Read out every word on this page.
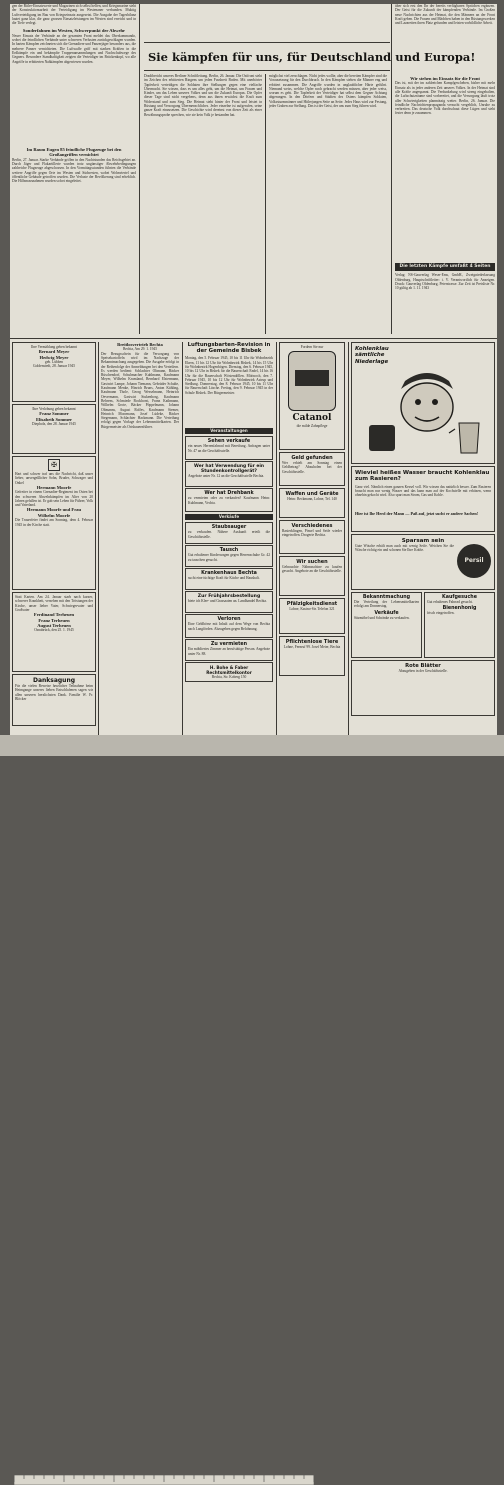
gen der Bitler-Einsatzwerte und Magazinen sich selbst helfen, und Kriegsmarine steht der Konstruktionsarbeit der Verteidigung im Westenaner verbunden. Muktig Luftverteidigung im Bau von Kriegseinsatz ausgesetzt. Die Ausgabe der Tagesbilanz lautet ganz klar, die ganz grossen Einsatzleistungen im Westen sind erreicht und in die Tiefe verlegt.

Sonderfahnen im Westen, Schwerpunkt der Abwehr

Neuer Einsatz der Verbände an der gesamten Front meldet das Oberkommando, wobei die feindlichen Verbände unter schweren Verlusten zurückgeschlagen wurden. In harten Kämpfen zeichneten sich die Grenadiere und Panzerjäger besonders aus, die mehrere Panzer vernichteten. Die Luftwaffe griff mit starken Kräften in die Erdkämpfe ein und bekämpfte Truppenansammlungen und Nachschubwege des Gegners. Besondere Standhaftigkeit zeigten die Verteidiger im Brückenkopf, wo alle Angriffe in erbitterten Nahkämpfen abgewiesen wurden.

Im Raum Eugen 85 feindliche Flugzeuge bei den Großangriffen vernichtet

Berlin, 27. Januar. Starke Verbände griffen in den Nachtstunden das Reichsgebiet an. Durch Jäger und Flakartillerie wurden trotz ungünstiger Abwehrbedingungen zahlreiche Flugzeuge abgeschossen. In den Vormittagsstunden führten die Verbände weitere Angriffe gegen Orte im Westen und Südwesten, wobei Wohnviertel und öffentliche Gebäude getroffen wurden. Die Verluste der Bevölkerung sind erheblich. Die Hilfsmassnahmen wurden sofort eingeleitet.

Sie kämpfen für uns, für Deutschland und Europa!

Dradtbericht unseres Berliner Schriftleitung. Berlin, 26. Januar. Die Ostfront steht im Zeichen des erbitterten Ringens um jeden Fussbreit Boden. Mit unerhörter Tapferkeit verteidigen die Soldaten ihre Stellungen gegen eine vielfache Übermacht. Sie wissen, dass es um alles geht, um die Heimat, um Frauen und Kinder, um das Leben unseres Volkes und um die Zukunft Europas. Die Opfer dieser Tage sind nicht vergebens, denn aus ihnen erwächst die Kraft zum Widerstand und zum Sieg. Die Heimat steht hinter der Front und leistet in Rüstung und Versorgung Übermenschliches. Jeder einzelne ist aufgerufen, seine ganze Kraft einzusetzen. Die Geschichte wird dereinst von dieser Zeit als einer Bewährungsprobe sprechen, wie sie kein Volk je bestanden hat.

möglichst viel zerschlagen. Nicht jedes wollte, aber die bereiten Kämpfer sind die Vorausetzung für den Durchbruch. In den Kämpfen stehen die Männer eng und erbittert zusammen. Die Angriffe wurden in unglaublicher Härte geführt. Niemand weiss, welche Opfer noch gebracht werden müssen, aber jeder weiss, worum es geht. Die Tapferkeit der Verteidiger hat selbst dem Gegner Achtung abgerungen. In den Dörfern und Städten des Ostens kämpfen Soldaten, Volkssturmmänner und Hitlerjungen Seite an Seite. Jedes Haus wird zur Festung, jeder Graben zur Stellung. Das ist der Geist, der uns zum Sieg führen wird.

über sich erst den Ihr der bereits verfügbaren Sprüchen ergänzen. Der Geist für die Zukunft der kämpfenden Verbände. Im Großen neue Nachrichten aus der Heimat, die den Männern an der Front Kraft geben. Die Frauen und Mädchen haben in den Rüstungswerken und Lazaretten ihren Platz gefunden und leisten vorbildliche Arbeit.

Wir stehen im Einsatz für die Front

Das ist, mit der im zahlreichen Kampfgeschehen, bisher mit mehr Einsatz als in jeder anderen Zeit unseres Volkes. In der Heimat sind alle Kräfte angespannt. Die Verdunkelung wird streng eingehalten, die Luftschutzräume sind vorbereitet, und die Versorgung läuft trotz aller Schwierigkeiten planmässig weiter. Berlin, 26. Januar. Die feindliche Nachrichtenpropaganda versucht vergeblich, Unruhe zu verbreiten. Das deutsche Volk durchschaut diese Lügen und steht fester denn je zusammen.

Die letzten Kämpfe umfaßt 4 Seiten

Verlag: NS-Gauverlag Weser-Ems, GmbH., Zweigniederlassung Oldenburg. Hauptschriftleiter: i. V. Verantwortlich für Anzeigen. Druck: Gauverlag Oldenburg, Peterstrasse. Zur Zeit ist Preisliste Nr. 10 gültig ab 1. 11. 1943

Ihre Vermählung geben bekannt

Bernard Meyer

Hedwig Meyer

geb. Lübben

Goldenstedt, 28. Januar 1945

Ihre Verlobung geben bekannt

Franz Sommer

Elisabeth Sommer

Diepholz, den 28. Januar 1945

✠

Hart und schwer traf uns die Nachricht, daß unser lieber, unvergeßlicher Sohn, Bruder, Schwager und Onkel

Hermann Moorfe

Gefreiter in einem Grenadier-Regiment im Osten bei den schweren Abwehrkämpfen im Alter von 20 Jahren gefallen ist. Er gab sein Leben für Führer, Volk und Vaterland.

Hermann Moorfe und Frau

Wilhelm Moorfe

Die Trauerfeier findet am Sonntag, dem 4. Februar 1945 in der Kirche statt.

Statt Karten. Am 24. Januar starb nach kurzer, schwerer Krankheit, versehen mit den Tröstungen der Kirche, unser lieber Vater, Schwiegervater und Großvater

Ferdinand Terheuen

Franz Terheuen

August Terheuen

Osnabrück, den 25. 1. 1945

Danksagung

Für die vielen Beweise herzlicher Teilnahme beim Heimgange unseres lieben Entschlafenen sagen wir allen unseren herzlichsten Dank. Familie W. Fr. Blöcker

Breitlosvertrieb Bechta

Bechta, Am 29. 1. 1945

Der Bezugsschein für die Versorgung von Speisekartoffeln wird im Nachzuge der Bekanntmachung ausgegeben. Die Ausgabe erfolgt in der Reihenfolge der Anmeldungen bei den Verteilern. Es werden bedient: Schlachter Oltmann, Bäcker Rüschendorf, Schuhmacher Kuhlmann, Kaufmann Meyer, Wilhelm Krumland, Bernhard Elstermann, Gastwirt Lampe, Johann Tiemann, Gebrüder Schulte, Kaufmann Menke, Hinrich Bruns, Anton Kühling, Kaufmann Thole, Georg Wesselmann, Heinrich Oevermann, Gastwirt Stukenborg, Kaufmann Behrens, Schmiede Bockhorst, Franz Kathmann, Wilhelm Grote, Bäcker Pöppelmann, Johann Oltmanns, August Rolfes, Kaufmann Siemer, Heinrich Moormann, Josef Lüdeke, Bäcker Stegemann, Schlachter Hackmann. Die Verteilung erfolgt gegen Vorlage der Lebensmittelkarten. Der Bürgermeister als Ortsbauernführer.

Luftungsbarten-Revision in der Gemeinde Bisbek

Montag, den 5. Februar 1945, 10 bis 11 Uhr für Wohnbezirk Ekern, 11 bis 12 Uhr für Wohnbezirk Bisbek, 14 bis 15 Uhr für Wohnbezirk Hogenbögen. Dienstag, den 6. Februar 1945, 10 bis 12 Uhr in Bisbek für die Bauerschaft Endel, 14 bis 16 Uhr für die Bauerschaft Wöstendöllen. Mittwoch, den 7. Februar 1945, 10 bis 12 Uhr für Wohnbezirk Astrup und Siedlung. Donnerstag, den 8. Februar 1945, 10 bis 11 Uhr für Bauerschaft Lüsche. Freitag, den 9. Februar 1945 in der Schule Bisbek. Der Bürgermeister.

Veranstaltungen

Sehen verkaufe

ein neues Herrenfahrrad mit Bereifung. Anfragen unter Nr. 47 an die Geschäftsstelle.

Wer hat Verwendung für ein Stundenkontrollgerät?

Angebote unter Nr. 12 an die Geschäftsstelle Bechta.

Wer hat Drehbank

zu vermieten oder zu verkaufen? Kaufmann Heinr. Kuhlmann, Vechta.

Verkäufe

Staubsauger

zu verkaufen. Nähere Auskunft erteilt die Geschäftsstelle.

Tausch

Gut erhaltener Kinderwagen gegen Herrenschuhe Gr. 42 zu tauschen gesucht.

Krankenhaus Bechta

sucht eine tüchtige Kraft für Küche und Haushalt.

Zur Frühjahrsbestellung

biete ich Klee- und Grassaaten an. Landhandel Bechta.

Verloren

Eine Geldbörse mit Inhalt auf dem Wege von Bechta nach Langförden. Abzugeben gegen Belohnung.

Zu vermieten

Ein möbliertes Zimmer an berufstätige Person. Angebote unter Nr. 88.

H. Bohe & Faber Rechtsmittelkontor

Bechta, Str. Koberg 150

Fordern Sie nur

Catanol

die milde Zahnpflege

Geld gefunden

Wer erhielt am Sonntag einen Geldbetrag? Abzuholen bei der Geschäftsstelle.

Waffen und Geräte

Heinr. Beckmann, Lohne, Tel. 140

Verschiedenes

Rasierklingen, Pinsel und Seife wieder eingetroffen. Drogerie Bechta.

Wir suchen

Gebrauchte Nähmaschine zu kaufen gesucht. Angebote an die Geschäftsstelle.

Pfälzigkeitsdienst

Lohne, Kasino-Str. Telefon 321

Pflichtenlose Tiere

Lohne, Fernruf 99. Josef Meier, Bechta

Kohlenklau sämtliche Niederlage

Wieviel heißes Wasser braucht Kohlenklau zum Rasieren?

Ganz viel. Nämlich einen ganzen Kessel voll. Wir wissen das natürlich besser. Zum Rasieren braucht man nur wenig Wasser und das kann man auf der Kochstelle mit erhitzen, wenn ohnehin gekocht wird. Also spart man Strom, Gas und Kohle.

Hier ist Ihr Herd der Mann — Paß auf, jetzt sucht er andere Sachen!

Sparsam sein

Gute Wäsche erhält man auch mit wenig Seife. Weichen Sie die Wäsche richtig ein und schonen Sie Ihre Kräfte.

Persil

Bekanntmachung

Die Verteilung der Lebensmittelkarten erfolgt am Donnerstag.

Verkäufe

Sitzmöbel und Schränke zu verkaufen.

Kaufgesuche

Gut erhaltenes Fahrrad gesucht.

Bienenhonig

frisch eingetroffen.

Rote Blätter

Abzugeben in der Geschäftsstelle.
